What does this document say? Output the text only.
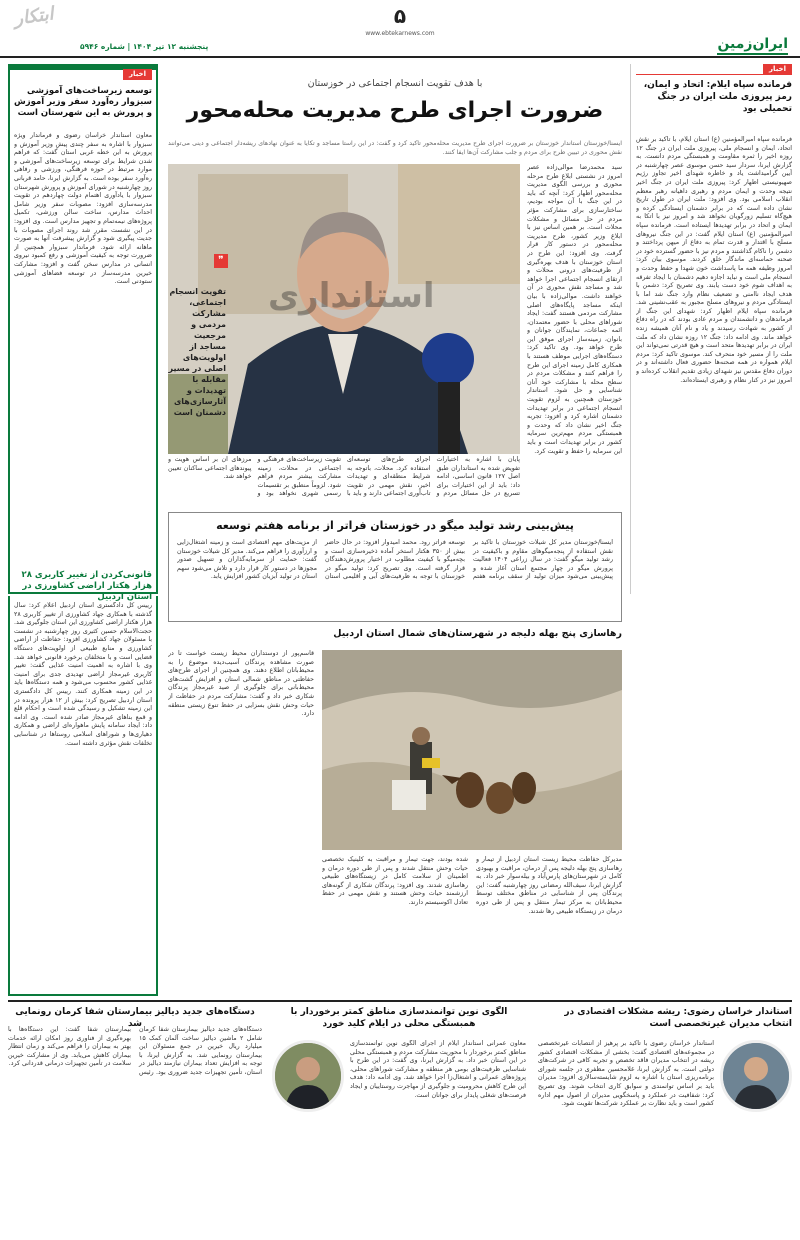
۵
www.ebtekarnews.com
ایران‌زمین
پنجشنبه ۱۲ تیر ۱۴۰۴ | شماره ۵۹۴۶
ابتکار
اخبار
فرمانده سپاه ایلام: اتحاد و ایمان، رمز پیروزی ملت ایران در جنگ تحمیلی بود
فرمانده سپاه امیرالمؤمنین (ع) استان ایلام، با تاکید بر نقش اتحاد، ایمان و انسجام ملی، پیروزی ملت ایران در جنگ ۱۲ روزه اخیر را ثمره مقاومت و همبستگی مردم دانست. به گزارش ایرنا، سردار سید حسن موسوی عصر چهارشنبه در آیین گرامیداشت یاد و خاطره شهدای اخیر تجاوز رژیم صهیونیستی اظهار کرد: پیروزی ملت ایران در جنگ اخیر نتیجه وحدت و ایمان مردم و رهبری داهیانه رهبر معظم انقلاب اسلامی بود. وی افزود: ملت ایران در طول تاریخ نشان داده است که در برابر دشمنان ایستادگی کرده و هیچ‌گاه تسلیم زورگویان نخواهد شد و امروز نیز با اتکا به ایمان و اتحاد در برابر تهدیدها ایستاده است. فرمانده سپاه امیرالمؤمنین (ع) استان ایلام گفت: در این جنگ نیروهای مسلح با اقتدار و قدرت تمام به دفاع از میهن پرداختند و دشمن را ناکام گذاشتند و مردم نیز با حضور گسترده خود در صحنه حماسه‌ای ماندگار خلق کردند. موسوی بیان کرد: امروز وظیفه همه ما پاسداشت خون شهدا و حفظ وحدت و انسجام ملی است و نباید اجازه دهیم دشمنان با ایجاد تفرقه به اهداف شوم خود دست یابند. وی تصریح کرد: دشمن با هدف ایجاد ناامنی و تضعیف نظام وارد جنگ شد اما با ایستادگی مردم و نیروهای مسلح مجبور به عقب‌نشینی شد. فرمانده سپاه ایلام اظهار کرد: شهدای این جنگ از فرماندهان و دانشمندان و مردم عادی بودند که در راه دفاع از کشور به شهادت رسیدند و یاد و نام آنان همیشه زنده خواهد ماند. وی ادامه داد: جنگ ۱۲ روزه نشان داد که ملت ایران در برابر تهدیدها متحد است و هیچ قدرتی نمی‌تواند این ملت را از مسیر خود منحرف کند. موسوی تاکید کرد: مردم ایلام همواره در همه صحنه‌ها حضوری فعال داشته‌اند و در دوران دفاع مقدس نیز شهدای زیادی تقدیم انقلاب کرده‌اند و امروز نیز در کنار نظام و رهبری ایستاده‌اند.
اخبار
توسعه زیرساخت‌های آموزشی سبزوار ره‌آورد سفر وزیر آموزش و پرورش به این شهرستان است
معاون استاندار خراسان رضوی و فرماندار ویژه سبزوار با اشاره به سفر چندی پیش وزیر آموزش و پرورش به این خطه غربی استان گفت: که فراهم شدن شرایط برای توسعه زیرساخت‌های آموزشی و موارد مرتبط در حوزه فرهنگی، ورزشی و رفاهی ره‌آورد سفر بوده است. به گزارش ایرنا، حامد قربانی روز چهارشنبه در شورای آموزش و پرورش شهرستان سبزوار با یادآوری اهتمام دولت چهاردهم در تقویت مدرسه‌سازی افزود: مصوبات سفر وزیر شامل احداث مدارس، ساخت سالن ورزشی، تکمیل پروژه‌های نیمه‌تمام و تجهیز مدارس است. وی افزود: در این نشست مقرر شد روند اجرای مصوبات با جدیت پیگیری شود و گزارش پیشرفت آنها به صورت ماهانه ارائه شود. فرماندار سبزوار همچنین از ضرورت توجه به کیفیت آموزشی و رفع کمبود نیروی انسانی در مدارس سخن گفت و افزود: مشارکت خیرین مدرسه‌ساز در توسعه فضاهای آموزشی ستودنی است.
قانونی‌کردن از تغییر کاربری ۲۸ هزار هکتار اراضی کشاورزی در استان اردبیل
رییس کل دادگستری استان اردبیل اعلام کرد: سال گذشته با همکاری جهاد کشاورزی از تغییر کاربری ۲۸ هزار هکتار اراضی کشاورزی این استان جلوگیری شد. حجت‌الاسلام حسین کثیری روز چهارشنبه در نشست با مسئولان جهاد کشاورزی افزود: حفاظت از اراضی کشاورزی و منابع طبیعی از اولویت‌های دستگاه قضایی است و با متخلفان برخورد قانونی خواهد شد. وی با اشاره به اهمیت امنیت غذایی گفت: تغییر کاربری غیرمجاز اراضی تهدیدی جدی برای امنیت غذایی کشور محسوب می‌شود و همه دستگاه‌ها باید در این زمینه همکاری کنند. رییس کل دادگستری استان اردبیل تصریح کرد: بیش از ۱۲ هزار پرونده در این زمینه تشکیل و رسیدگی شده است و احکام قلع و قمع بناهای غیرمجاز صادر شده است. وی ادامه داد: ایجاد سامانه پایش ماهواره‌ای اراضی و همکاری دهیاری‌ها و شوراهای اسلامی روستاها در شناسایی تخلفات نقش مؤثری داشته است.
با هدف تقویت انسجام اجتماعی در خوزستان
ضرورت اجرای طرح مدیریت محله‌محور
ایسنا/خوزستان استاندار خوزستان بر ضرورت اجرای طرح مدیریت محله‌محور تأکید کرد و گفت: در این راستا مساجد و تکایا به عنوان نهادهای ریشه‌دار اجتماعی و دینی می‌توانند نقش محوری در تبیین طرح برای مردم و جلب مشارکت آن‌ها ایفا کنند.
استانداری
❞
تقویت انسجام اجتماعی، مشارکت مردمی و مرجعیت مساجد از اولویت‌های اصلی در مسیر مقابله با تهدیدات و آثار‌سازی‌های دشمنان است
سید محمدرضا موالی‌زاده عصر امروز در نشستی ابلاغ طرح مرحله محوری و بررسی الگوی مدیریت محله‌محور اظهار کرد: آنچه که باید در این جنگ با آن مواجه بودیم، ساختارسازی برای مشارکت مؤثر مردم در حل مسائل و مشکلات محلات است. بر همین اساس نیز با ابلاغ وزیر کشور، طرح مدیریت محله‌محور در دستور کار قرار گرفت. وی افزود: این طرح در استان خوزستان با هدف بهره‌گیری از ظرفیت‌های درونی محلات و ارتقای انسجام اجتماعی اجرا خواهد شد و مساجد نقش محوری در آن خواهند داشت. موالی‌زاده با بیان اینکه مساجد پایگاه‌های اصلی مشارکت مردمی هستند گفت: ایجاد شوراهای محلی با حضور معتمدان، ائمه جماعات، نمایندگان جوانان و بانوان، زمینه‌ساز اجرای موفق این طرح خواهد بود. وی تاکید کرد: دستگاه‌های اجرایی موظف هستند با همکاری کامل زمینه اجرای این طرح را فراهم کنند و مشکلات مردم در سطح محله با مشارکت خود آنان شناسایی و حل شود. استاندار خوزستان همچنین به لزوم تقویت انسجام اجتماعی در برابر تهدیدات دشمنان اشاره کرد و افزود: تجربه جنگ اخیر نشان داد که وحدت و همبستگی مردم مهم‌ترین سرمایه کشور در برابر تهدیدات است و باید این سرمایه را حفظ و تقویت کرد.
پایان با اشاره به اختیارات تفویض شده به استانداران طبق اصل ۱۲۷ قانون اساسی، ادامه داد: باید از این اختیارات برای تسریع در حل مسائل مردم و اجرای طرح‌های توسعه‌ای استفاده کرد. محلات، باتوجه به شرایط منطقه‌ای و تهدیدات اخیر، نقش مهمی در تقویت تاب‌آوری اجتماعی دارند و باید با تقویت زیرساخت‌های فرهنگی و اجتماعی در محلات، زمینه مشارکت بیشتر مردم فراهم شود. لزوماً منطبق بر تقسیمات رسمی شهری نخواهد بود و مرزهای آن بر اساس هویت و پیوندهای اجتماعی ساکنان تعیین خواهد شد.
پیش‌بینی رشد تولید میگو در خوزستان فراتر از برنامه هفتم توسعه
ایسنا/خوزستان مدیر کل شیلات خوزستان با تاکید بر نقش استفاده از پنجه‌میگوهای مقاوم و باکیفیت در رشد تولید میگو گفت: در سال زراعی ۱۴۰۴ فعالیت پرورش میگو در چهار مجتمع استان آغاز شده و پیش‌بینی می‌شود میزان تولید از سقف برنامه هفتم توسعه فراتر رود. محمد امیدوار افزود: در حال حاضر بیش از ۳۵۰ هکتار استخر آماده ذخیره‌سازی است و بچه‌میگو با کیفیت مطلوب در اختیار پرورش‌دهندگان قرار گرفته است. وی تصریح کرد: تولید میگو در خوزستان با توجه به ظرفیت‌های آبی و اقلیمی استان از مزیت‌های مهم اقتصادی است و زمینه اشتغال‌زایی و ارزآوری را فراهم می‌کند. مدیر کل شیلات خوزستان گفت: حمایت از سرمایه‌گذاران و تسهیل صدور مجوزها در دستور کار قرار دارد و تلاش می‌شود سهم استان در تولید آبزیان کشور افزایش یابد.
رهاسازی پنج بهله دلیجه در شهرستان‌های شمال استان اردبیل
مدیرکل حفاظت محیط زیست استان اردبیل از تیمار و رهاسازی پنج بهله دلیجه پس از درمان، مراقبت و بهبودی کامل در شهرستان‌های پارس‌آباد و بیله‌سوار خبر داد. به گزارش ایرنا، سیف‌الله رمضانی روز چهارشنبه گفت: این پرندگان پس از شناسایی در مناطق مختلف توسط محیط‌بانان به مرکز تیمار منتقل و پس از طی دوره درمان در زیستگاه طبیعی رها شدند.
شده بودند، جهت تیمار و مراقبت به کلینیک تخصصی حیات وحش منتقل شدند و پس از طی دوره درمان و اطمینان از سلامت کامل در زیستگاه‌های طبیعی رهاسازی شدند. وی افزود: پرندگان شکاری از گونه‌های ارزشمند حیات وحش هستند و نقش مهمی در حفظ تعادل اکوسیستم دارند.
قاسم‌پور از دوستداران محیط زیست خواست تا در صورت مشاهده پرندگان آسیب‌دیده موضوع را به محیط‌بانان اطلاع دهند. وی همچنین از اجرای طرح‌های حفاظتی در مناطق شمالی استان و افزایش گشت‌های محیط‌بانی برای جلوگیری از صید غیرمجاز پرندگان شکاری خبر داد و گفت: مشارکت مردم در حفاظت از حیات وحش نقش بسزایی در حفظ تنوع زیستی منطقه دارد.
استاندار خراسان رضوی: ریشه مشکلات اقتصادی در انتخاب مدیران غیرتخصصی است
استاندار خراسان رضوی با تاکید بر پرهیز از انتصابات غیرتخصصی در مجموعه‌های اقتصادی گفت: بخشی از مشکلات اقتصادی کشور ریشه در انتخاب مدیران فاقد تخصص و تجربه کافی در شرکت‌های دولتی است. به گزارش ایرنا، غلامحسین مظفری در جلسه شورای برنامه‌ریزی استان با اشاره به لزوم شایسته‌سالاری افزود: مدیران باید بر اساس توانمندی و سوابق کاری انتخاب شوند. وی تصریح کرد: شفافیت در عملکرد و پاسخگویی مدیران از اصول مهم اداره کشور است و باید نظارت بر عملکرد شرکت‌ها تقویت شود.
الگوی نوین توانمندسازی مناطق کمتر برخوردار با همبستگی محلی در ایلام کلید خورد
معاون عمرانی استاندار ایلام از اجرای الگوی نوین توانمندسازی مناطق کمتر برخوردار با محوریت مشارکت مردم و همبستگی محلی در این استان خبر داد. به گزارش ایرنا، وی گفت: در این طرح با شناسایی ظرفیت‌های بومی هر منطقه و مشارکت شوراهای محلی، پروژه‌های عمرانی و اشتغال‌زا اجرا خواهد شد. وی ادامه داد: هدف این طرح کاهش محرومیت و جلوگیری از مهاجرت روستاییان و ایجاد فرصت‌های شغلی پایدار برای جوانان است.
دستگاه‌های جدید دیالیز بیمارستان شفا کرمان رونمایی شد
دستگاه‌های جدید دیالیز بیمارستان شفا کرمان شامل ۲ ماشین دیالیز ساخت آلمان کمک ۱۵ میلیارد ریال خیرین در جمع مسئولان این بیمارستان رونمایی شد. به گزارش ایرنا، با توجه به افزایش تعداد بیماران نیازمند دیالیز در استان، تأمین تجهیزات جدید ضروری بود. رئیس بیمارستان شفا گفت: این دستگاه‌ها با بهره‌گیری از فناوری روز امکان ارائه خدمات بهتر به بیماران را فراهم می‌کند و زمان انتظار بیماران کاهش می‌یابد. وی از مشارکت خیرین سلامت در تأمین تجهیزات درمانی قدردانی کرد.
